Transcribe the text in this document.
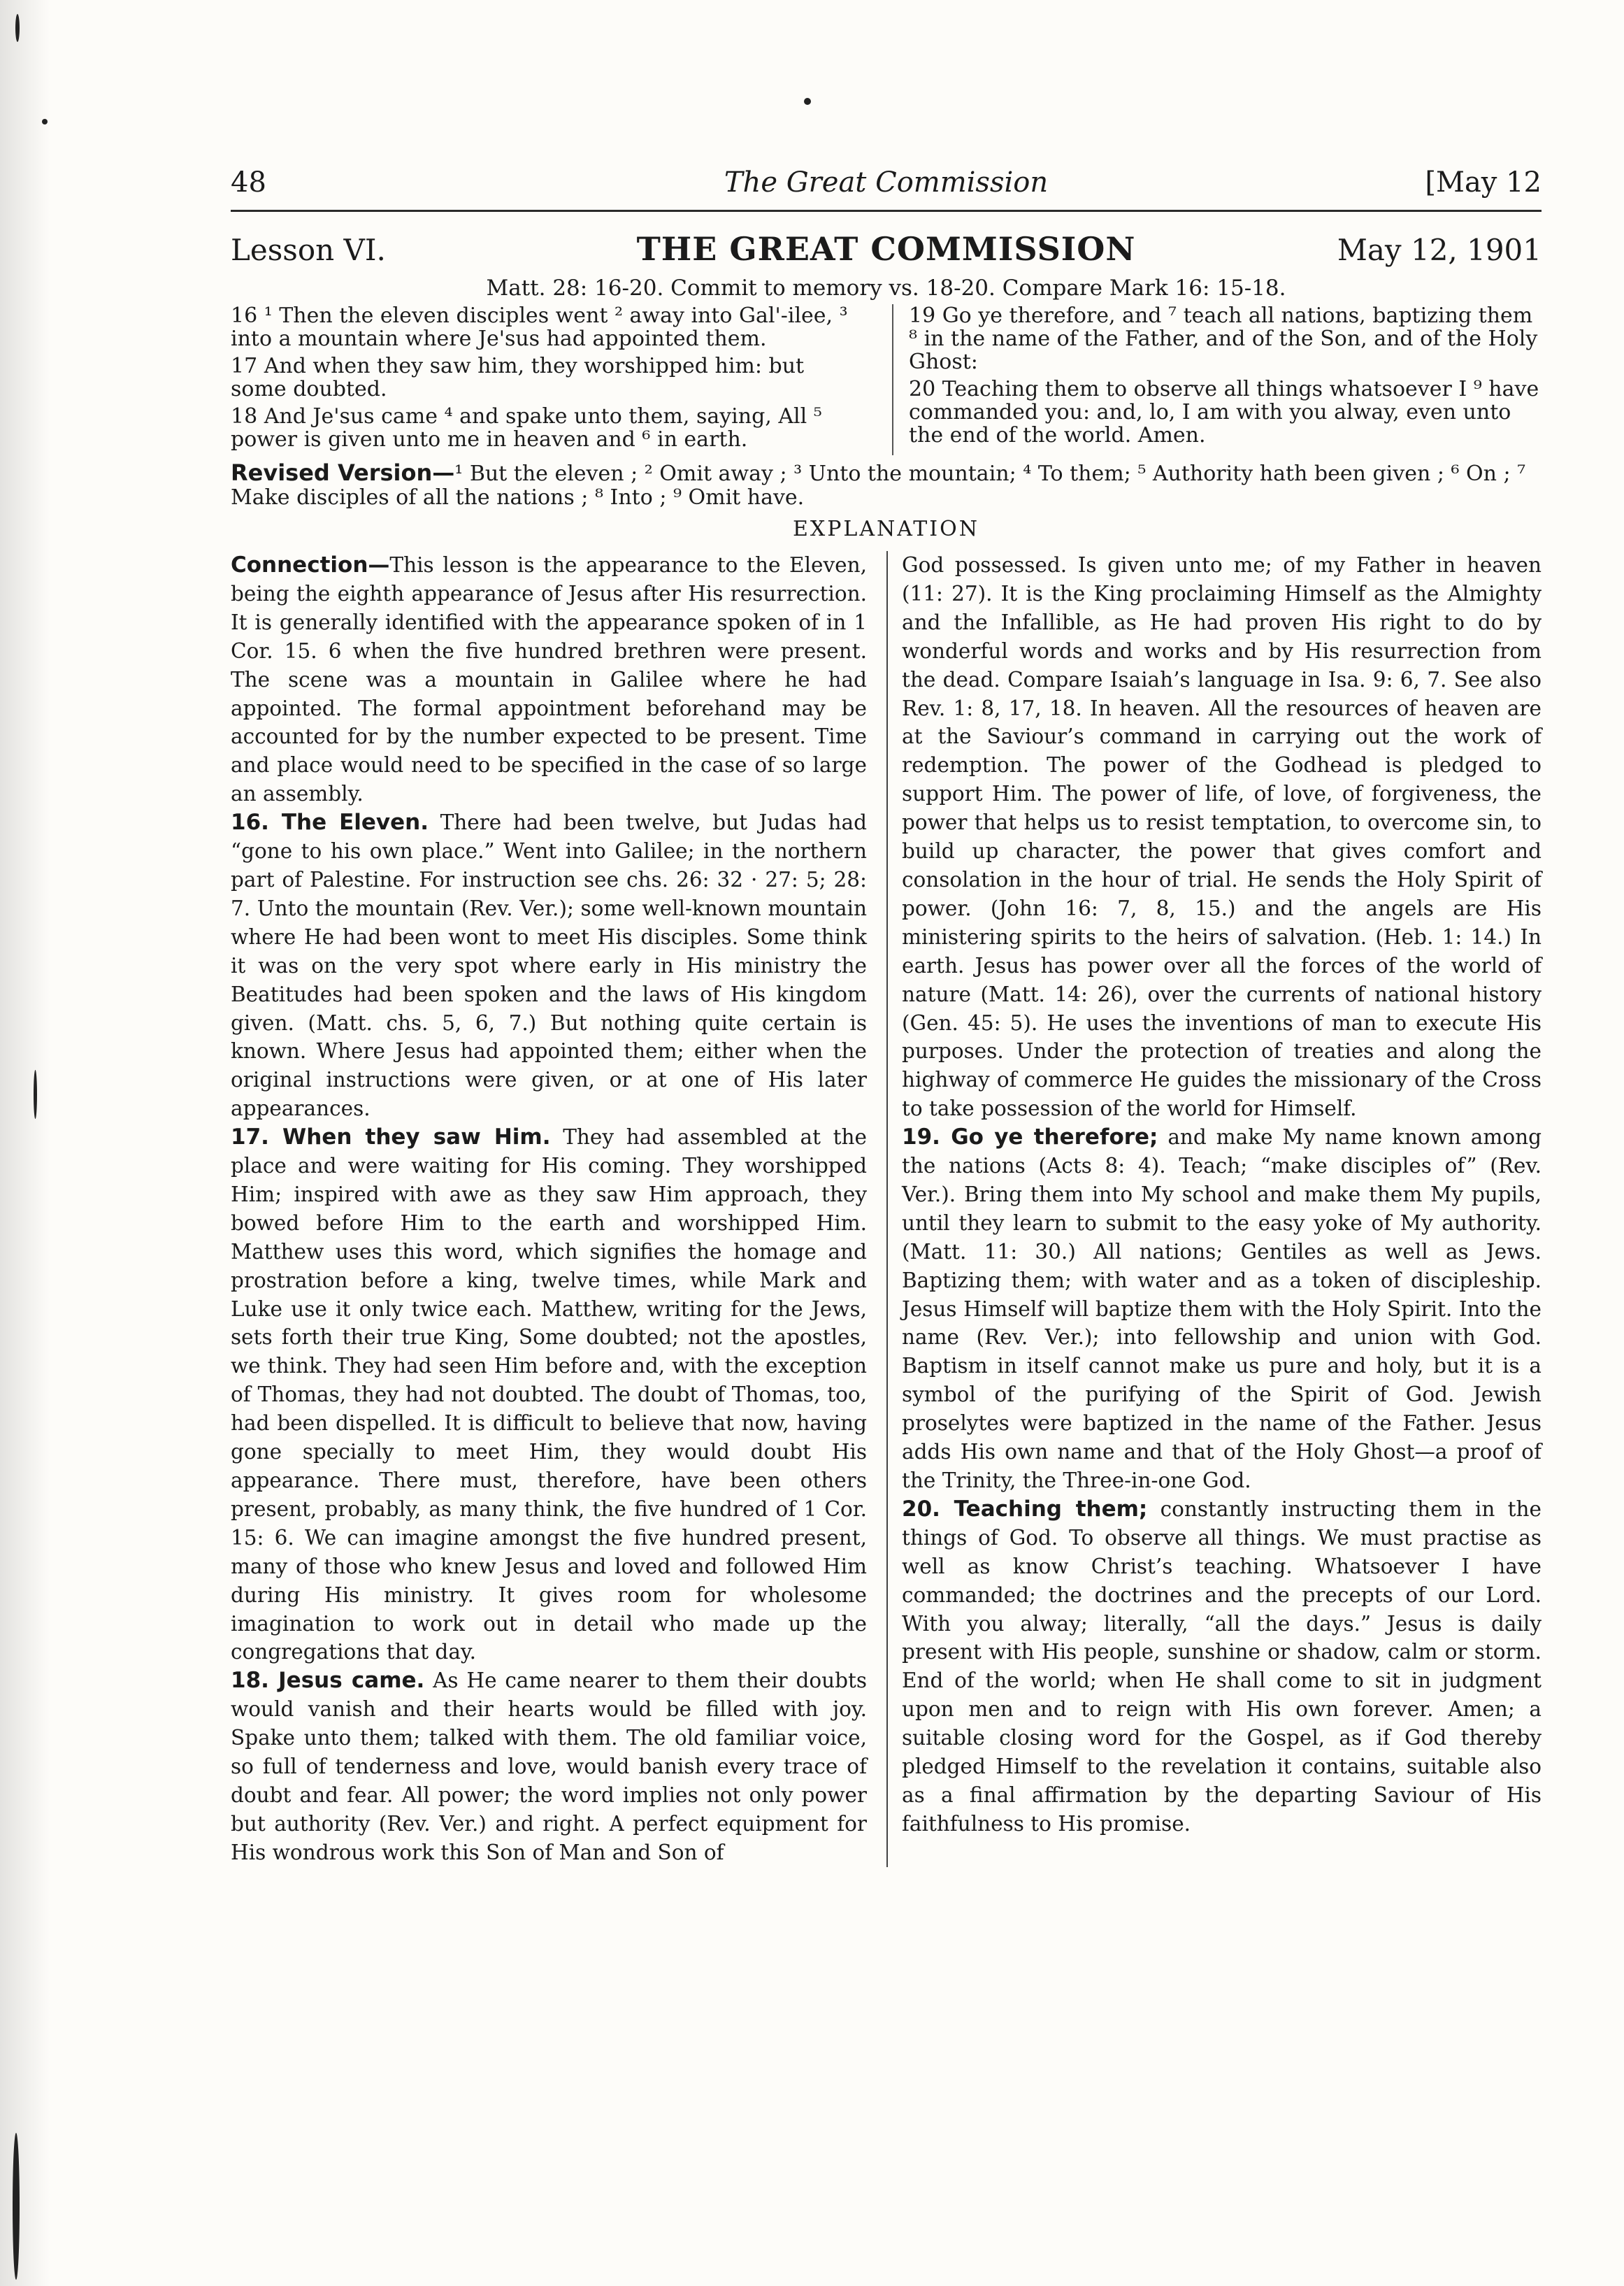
48	The Great Commission	[May 12
Lesson VI.	THE GREAT COMMISSION	May 12, 1901
Matt. 28: 16-20. Commit to memory vs. 18-20. Compare Mark 16: 15-18.

16 ¹ Then the eleven disciples went ² away into Gal'-ilee, ³ into a mountain where Je'sus had appointed them.

17 And when they saw him, they worshipped him: but some doubted.

18 And Je'sus came ⁴ and spake unto them, saying, All ⁵ power is given unto me in heaven and ⁶ in earth.

19 Go ye therefore, and ⁷ teach all nations, baptizing them ⁸ in the name of the Father, and of the Son, and of the Holy Ghost:

20 Teaching them to observe all things whatsoever I ⁹ have commanded you: and, lo, I am with you alway, even unto the end of the world. Amen.

Revised Version—¹ But the eleven ; ² Omit away ; ³ Unto the mountain; ⁴ To them; ⁵ Authority hath been given ; ⁶ On ; ⁷ Make disciples of all the nations ; ⁸ Into ; ⁹ Omit have.
EXPLANATION

Connection—This lesson is the appearance to the Eleven, being the eighth appearance of Jesus after His resurrection. It is generally identified with the appearance spoken of in 1 Cor. 15. 6 when the five hundred brethren were present. The scene was a mountain in Galilee where he had appointed. The formal appointment beforehand may be accounted for by the number expected to be present. Time and place would need to be specified in the case of so large an assembly.

16. The Eleven. There had been twelve, but Judas had “gone to his own place.” Went into Galilee; in the northern part of Palestine. For instruction see chs. 26: 32 · 27: 5; 28: 7. Unto the mountain (Rev. Ver.); some well-known mountain where He had been wont to meet His disciples. Some think it was on the very spot where early in His ministry the Beatitudes had been spoken and the laws of His kingdom given. (Matt. chs. 5, 6, 7.) But nothing quite certain is known. Where Jesus had appointed them; either when the original instructions were given, or at one of His later appearances.

17. When they saw Him. They had assembled at the place and were waiting for His coming. They worshipped Him; inspired with awe as they saw Him approach, they bowed before Him to the earth and worshipped Him. Matthew uses this word, which signifies the homage and prostration before a king, twelve times, while Mark and Luke use it only twice each. Matthew, writing for the Jews, sets forth their true King, Some doubted; not the apostles, we think. They had seen Him before and, with the exception of Thomas, they had not doubted. The doubt of Thomas, too, had been dispelled. It is difficult to believe that now, having gone specially to meet Him, they would doubt His appearance. There must, therefore, have been others present, probably, as many think, the five hundred of 1 Cor. 15: 6. We can imagine amongst the five hundred present, many of those who knew Jesus and loved and followed Him during His ministry. It gives room for wholesome imagination to work out in detail who made up the congregations that day.

18. Jesus came. As He came nearer to them their doubts would vanish and their hearts would be filled with joy. Spake unto them; talked with them. The old familiar voice, so full of tenderness and love, would banish every trace of doubt and fear. All power; the word implies not only power but authority (Rev. Ver.) and right. A perfect equipment for His wondrous work this Son of Man and Son of

God possessed. Is given unto me; of my Father in heaven (11: 27). It is the King proclaiming Himself as the Almighty and the Infallible, as He had proven His right to do by wonderful words and works and by His resurrection from the dead. Compare Isaiah’s language in Isa. 9: 6, 7. See also Rev. 1: 8, 17, 18. In heaven. All the resources of heaven are at the Saviour’s command in carrying out the work of redemption. The power of the Godhead is pledged to support Him. The power of life, of love, of forgiveness, the power that helps us to resist temptation, to overcome sin, to build up character, the power that gives comfort and consolation in the hour of trial. He sends the Holy Spirit of power. (John 16: 7, 8, 15.) and the angels are His ministering spirits to the heirs of salvation. (Heb. 1: 14.) In earth. Jesus has power over all the forces of the world of nature (Matt. 14: 26), over the currents of national history (Gen. 45: 5). He uses the inventions of man to execute His purposes. Under the protection of treaties and along the highway of commerce He guides the missionary of the Cross to take possession of the world for Himself.

19. Go ye therefore; and make My name known among the nations (Acts 8: 4). Teach; “make disciples of” (Rev. Ver.). Bring them into My school and make them My pupils, until they learn to submit to the easy yoke of My authority. (Matt. 11: 30.) All nations; Gentiles as well as Jews. Baptizing them; with water and as a token of discipleship. Jesus Himself will baptize them with the Holy Spirit. Into the name (Rev. Ver.); into fellowship and union with God. Baptism in itself cannot make us pure and holy, but it is a symbol of the purifying of the Spirit of God. Jewish proselytes were baptized in the name of the Father. Jesus adds His own name and that of the Holy Ghost—a proof of the Trinity, the Three-in-one God.

20. Teaching them; constantly instructing them in the things of God. To observe all things. We must practise as well as know Christ’s teaching. Whatsoever I have commanded; the doctrines and the precepts of our Lord. With you alway; literally, “all the days.” Jesus is daily present with His people, sunshine or shadow, calm or storm. End of the world; when He shall come to sit in judgment upon men and to reign with His own forever. Amen; a suitable closing word for the Gospel, as if God thereby pledged Himself to the revelation it contains, suitable also as a final affirmation by the departing Saviour of His faithfulness to His promise.
